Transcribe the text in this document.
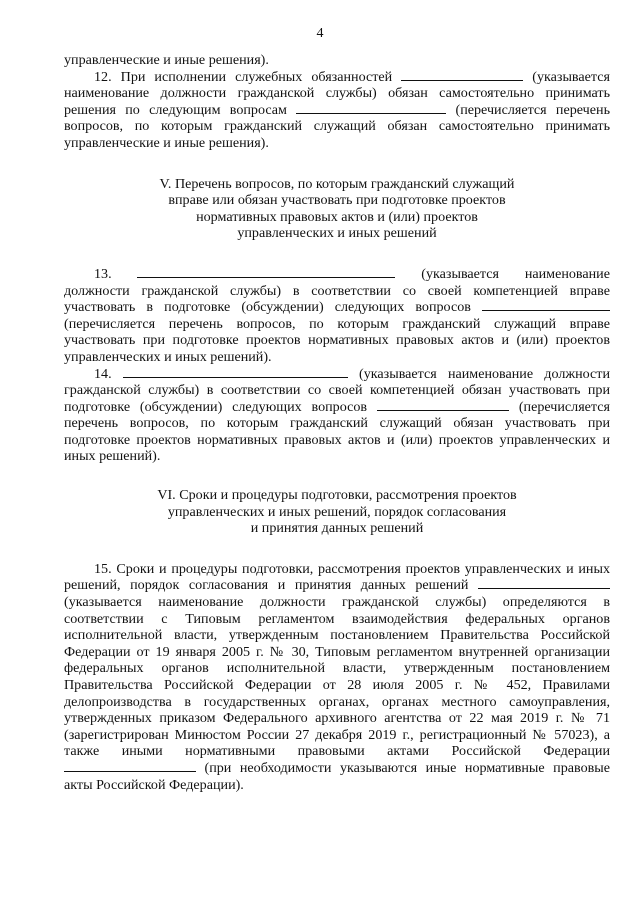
4

управленческие и иные решения).

12. При исполнении служебных обязанностей	(указывается наименование должности гражданской службы) обязан самостоятельно принимать решения по следующим вопросам	(перечисляется перечень вопросов, по которым гражданский служащий обязан самостоятельно принимать управленческие и иные решения).

V. Перечень вопросов, по которым гражданский служащий

вправе или обязан участвовать при подготовке проектов

нормативных правовых актов и (или) проектов

управленческих и иных решений

13.	(указывается наименование должности гражданской службы) в соответствии со своей компетенцией вправе участвовать в подготовке (обсуждении) следующих вопросов  (перечисляется перечень вопросов, по которым гражданский служащий вправе участвовать при подготовке проектов нормативных правовых актов и (или) проектов управленческих и иных решений).

14.	(указывается наименование должности гражданской службы) в соответствии со своей компетенцией обязан участвовать при подготовке (обсуждении) следующих вопросов	(перечисляется перечень вопросов, по которым гражданский служащий обязан участвовать при подготовке проектов нормативных правовых актов и (или) проектов управленческих и иных решений).

VI. Сроки и процедуры подготовки, рассмотрения проектов

управленческих и иных решений, порядок согласования

и принятия данных решений

15. Сроки и процедуры подготовки, рассмотрения проектов управленческих и иных решений, порядок согласования и принятия данных решений  (указывается наименование должности гражданской службы) определяются в соответствии с Типовым регламентом взаимодействия федеральных органов исполнительной власти, утвержденным постановлением Правительства Российской Федерации от 19 января 2005 г. № 30, Типовым регламентом внутренней организации федеральных органов исполнительной власти, утвержденным постановлением Правительства Российской Федерации от 28 июля 2005 г. № 452, Правилами делопроизводства в государственных органах, органах местного самоуправления, утвержденных приказом Федерального архивного агентства от 22 мая 2019 г. № 71 (зарегистрирован Минюстом России 27 декабря 2019 г., регистрационный № 57023), а также иными нормативными правовыми актами Российской Федерации  (при необходимости указываются иные нормативные правовые акты Российской Федерации).
